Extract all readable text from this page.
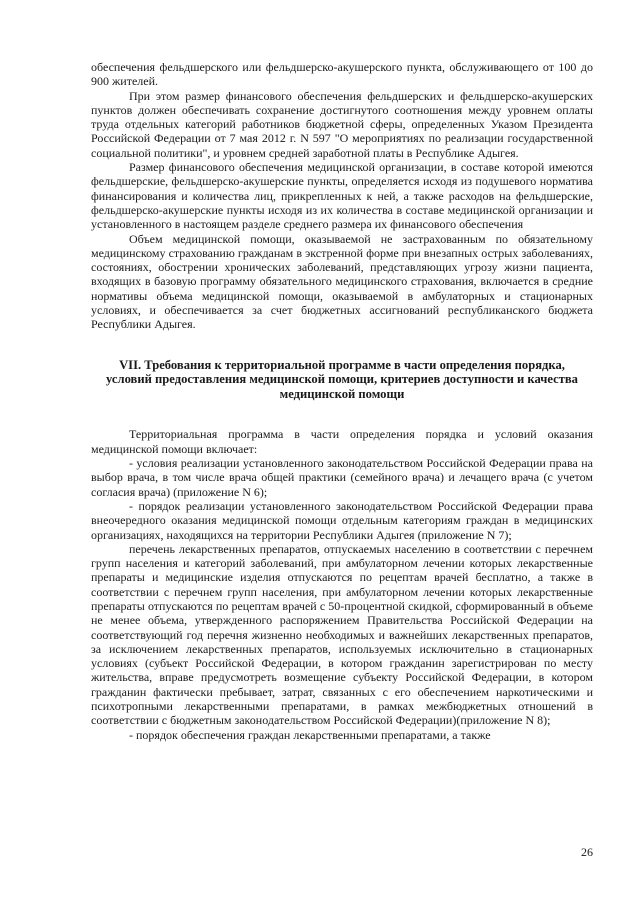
обеспечения фельдшерского или фельдшерско-акушерского пункта, обслуживающего от 100 до 900 жителей.

При этом размер финансового обеспечения фельдшерских и фельдшерско-акушерских пунктов должен обеспечивать сохранение достигнутого соотношения между уровнем оплаты труда отдельных категорий работников бюджетной сферы, определенных Указом Президента Российской Федерации от 7 мая 2012 г. N 597 "О мероприятиях по реализации государственной социальной политики", и уровнем средней заработной платы в Республике Адыгея.

Размер финансового обеспечения медицинской организации, в составе которой имеются фельдшерские, фельдшерско-акушерские пункты, определяется исходя из подушевого норматива финансирования и количества лиц, прикрепленных к ней, а также расходов на фельдшерские, фельдшерско-акушерские пункты исходя из их количества в составе медицинской организации и установленного в настоящем разделе среднего размера их финансового обеспечения

Объем медицинской помощи, оказываемой не застрахованным по обязательному медицинскому страхованию гражданам в экстренной форме при внезапных острых заболеваниях, состояниях, обострении хронических заболеваний, представляющих угрозу жизни пациента, входящих в базовую программу обязательного медицинского страхования, включается в средние нормативы объема медицинской помощи, оказываемой в амбулаторных и стационарных условиях, и обеспечивается за счет бюджетных ассигнований республиканского бюджета Республики Адыгея.

VII. Требования к территориальной программе в части определения порядка, условий предоставления медицинской помощи, критериев доступности и качества медицинской помощи

Территориальная программа в части определения порядка и условий оказания медицинской помощи включает:

- условия реализации установленного законодательством Российской Федерации права на выбор врача, в том числе врача общей практики (семейного врача) и лечащего врача (с учетом согласия врача) (приложение N 6);

- порядок реализации установленного законодательством Российской Федерации права внеочередного оказания медицинской помощи отдельным категориям граждан в медицинских организациях, находящихся на территории Республики Адыгея (приложение N 7);

перечень лекарственных препаратов, отпускаемых населению в соответствии с перечнем групп населения и категорий заболеваний, при амбулаторном лечении которых лекарственные препараты и медицинские изделия отпускаются по рецептам врачей бесплатно, а также в соответствии с перечнем групп населения, при амбулаторном лечении которых лекарственные препараты отпускаются по рецептам врачей с 50-процентной скидкой, сформированный в объеме не менее объема, утвержденного распоряжением Правительства Российской Федерации на соответствующий год перечня жизненно необходимых и важнейших лекарственных препаратов, за исключением лекарственных препаратов, используемых исключительно в стационарных условиях (субъект Российской Федерации, в котором гражданин зарегистрирован по месту жительства, вправе предусмотреть возмещение субъекту Российской Федерации, в котором гражданин фактически пребывает, затрат, связанных с его обеспечением наркотическими и психотропными лекарственными препаратами, в рамках межбюджетных отношений в соответствии с бюджетным законодательством Российской Федерации)(приложение N 8);

- порядок обеспечения граждан лекарственными препаратами, а также

26
